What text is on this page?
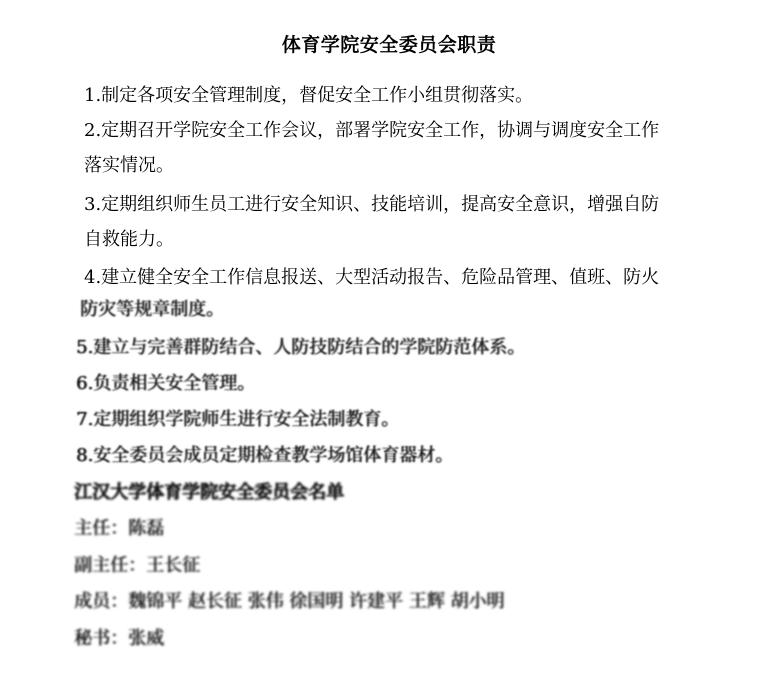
体育学院安全委员会职责
1.制定各项安全管理制度，督促安全工作小组贯彻落实。
2.定期召开学院安全工作会议，部署学院安全工作，协调与调度安全工作
落实情况。
3.定期组织师生员工进行安全知识、技能培训，提高安全意识，增强自防
自救能力。
4.建立健全安全工作信息报送、大型活动报告、危险品管理、值班、防火
防灾等规章制度。
5.建立与完善群防结合、人防技防结合的学院防范体系。
6.负责相关安全管理。
7.定期组织学院师生进行安全法制教育。
8.安全委员会成员定期检查教学场馆体育器材。
江汉大学体育学院安全委员会名单
主任：陈磊
副主任：王长征
成员：魏锦平 赵长征 张伟 徐国明 许建平 王辉 胡小明
秘书：张威
